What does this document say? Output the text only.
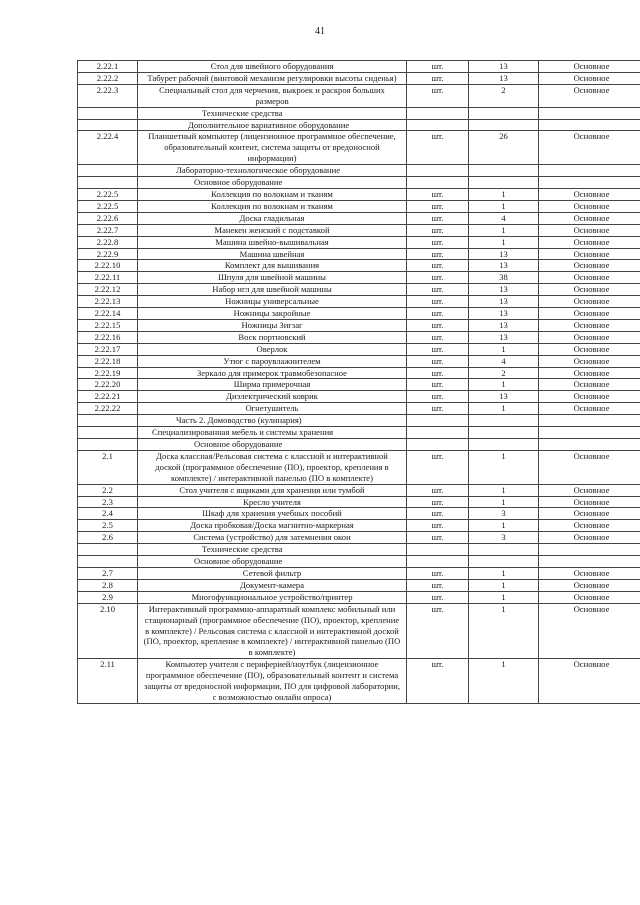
41
2.22.1	Стол для швейного оборудования	шт.	13	Основное
2.22.2	Табурет рабочий (винтовой механизм регулировки высоты сиденья)	шт.	13	Основное
2.22.3	Специальный стол для черчения, выкроек и раскроя больших размеров	шт.	2	Основное
	Технические средства			
	Дополнительное вариативное оборудование			
2.22.4	Планшетный компьютер (лицензионное программное обеспечение, образовательный контент, система защиты от вредоносной информации)	шт.	26	Основное
	Лабораторно-технологическое оборудование			
	Основное оборудование			
2.22.5	Коллекция по волокнам и тканям	шт.	1	Основное
2.22.5	Коллекция по волокнам и тканям	шт.	1	Основное
2.22.6	Доска гладильная	шт.	4	Основное
2.22.7	Манекен женский с подставкой	шт.	1	Основное
2.22.8	Машина швейно-вышивальная	шт.	1	Основное
2.22.9	Машина швейная	шт.	13	Основное
2.22.10	Комплект для вышивания	шт.	13	Основное
2.22.11	Шпуля для швейной машины	шт.	38	Основное
2.22.12	Набор игл для швейной машины	шт.	13	Основное
2.22.13	Ножницы универсальные	шт.	13	Основное
2.22.14	Ножницы закройные	шт.	13	Основное
2.22.15	Ножницы Зигзаг	шт.	13	Основное
2.22.16	Воск портновский	шт.	13	Основное
2.22.17	Оверлок	шт.	1	Основное
2.22.18	Утюг с пароувлажнителем	шт.	4	Основное
2.22.19	Зеркало для примерок травмобезопасное	шт.	2	Основное
2.22.20	Ширма примерочная	шт.	1	Основное
2.22.21	Диэлектрический коврик	шт.	13	Основное
2.22.22	Огнетушитель	шт.	1	Основное
	Часть 2. Домоводство (кулинария)			
	Специализированная мебель и системы хранения			
	Основное оборудование			
2.1	Доска классная/Рельсовая система с классной и интерактивной доской (программное обеспечение (ПО), проектор, крепления в комплекте) / интерактивной панелью (ПО в комплекте)	шт.	1	Основное
2.2	Стол учителя с ящиками для хранения или тумбой	шт.	1	Основное
2.3	Кресло учителя	шт.	1	Основное
2.4	Шкаф для хранения учебных пособий	шт.	3	Основное
2.5	Доска пробковая/Доска магнитно-маркерная	шт.	1	Основное
2.6	Система (устройство) для затемнения окон	шт.	3	Основное
	Технические средства			
	Основное оборудование			
2.7	Сетевой фильтр	шт.	1	Основное
2.8	Документ-камера	шт.	1	Основное
2.9	Многофункциональное устройство/принтер	шт.	1	Основное
2.10	Интерактивный программно-аппаратный комплекс мобильный или стационарный (программное обеспечение (ПО), проектор, крепление в комплекте) / Рельсовая система с классной и интерактивной доской (ПО, проектор, крепление в комплекте) / интерактивной панелью (ПО в комплекте)	шт.	1	Основное
2.11	Компьютер учителя с периферией/ноутбук (лицензионное программное обеспечение (ПО), образовательный контент и система защиты от вредоносной информации, ПО для цифровой лаборатории, с возможностью онлайн опроса)	шт.	1	Основное
